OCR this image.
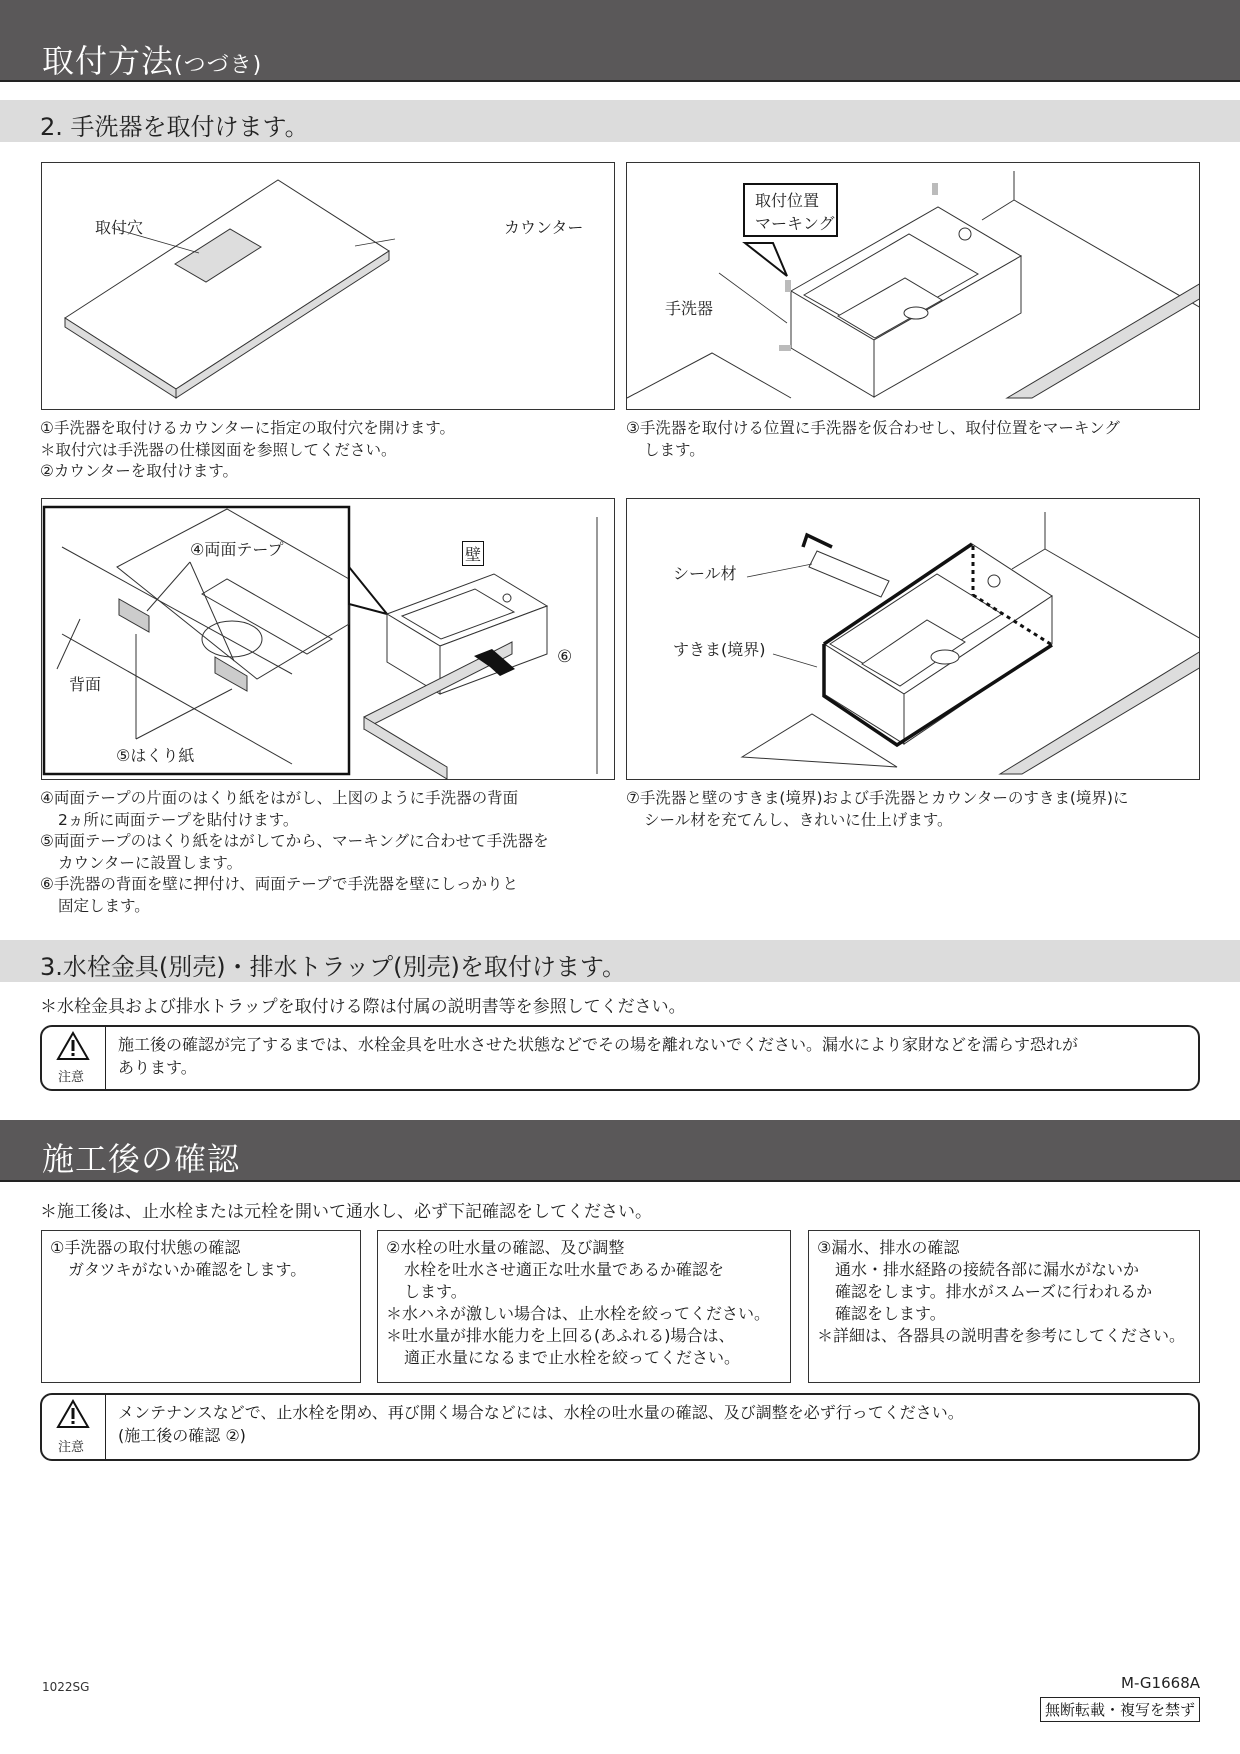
取付方法(つづき)
2. 手洗器を取付けます。
取付穴	カウンター
取付位置
マーキング
手洗器

①手洗器を取付けるカウンターに指定の取付穴を開けます。

＊取付穴は手洗器の仕様図面を参照してください。

②カウンターを取付けます。

③手洗器を取付ける位置に手洗器を仮合わせし、取付位置をマーキング

します。

④両面テープ
背面
⑤はくり紙
壁
⑥
シール材
すきま(境界)

④両面テープの片面のはくり紙をはがし、上図のように手洗器の背面

2ヵ所に両面テープを貼付けます。

⑤両面テープのはくり紙をはがしてから、マーキングに合わせて手洗器を

カウンターに設置します。

⑥手洗器の背面を壁に押付け、両面テープで手洗器を壁にしっかりと

固定します。

⑦手洗器と壁のすきま(境界)および手洗器とカウンターのすきま(境界)に

シール材を充てんし、きれいに仕上げます。

3.水栓金具(別売)・排水トラップ(別売)を取付けます。
＊水栓金具および排水トラップを取付ける際は付属の説明書等を参照してください。
注意

施工後の確認が完了するまでは、水栓金具を吐水させた状態などでその場を離れないでください。漏水により家財などを濡らす恐れが

あります。

施工後の確認
＊施工後は、止水栓または元栓を開いて通水し、必ず下記確認をしてください。

①手洗器の取付状態の確認

ガタツキがないか確認をします。

②水栓の吐水量の確認、及び調整

水栓を吐水させ適正な吐水量であるか確認を

します。

＊水ハネが激しい場合は、止水栓を絞ってください。

＊吐水量が排水能力を上回る(あふれる)場合は、

適正水量になるまで止水栓を絞ってください。

③漏水、排水の確認

通水・排水経路の接続各部に漏水がないか

確認をします。排水がスムーズに行われるか

確認をします。

＊詳細は、各器具の説明書を参考にしてください。

注意

メンテナンスなどで、止水栓を閉め、再び開く場合などには、水栓の吐水量の確認、及び調整を必ず行ってください。

(施工後の確認 ②)

1022SG	M-G1668A
無断転載・複写を禁ず
